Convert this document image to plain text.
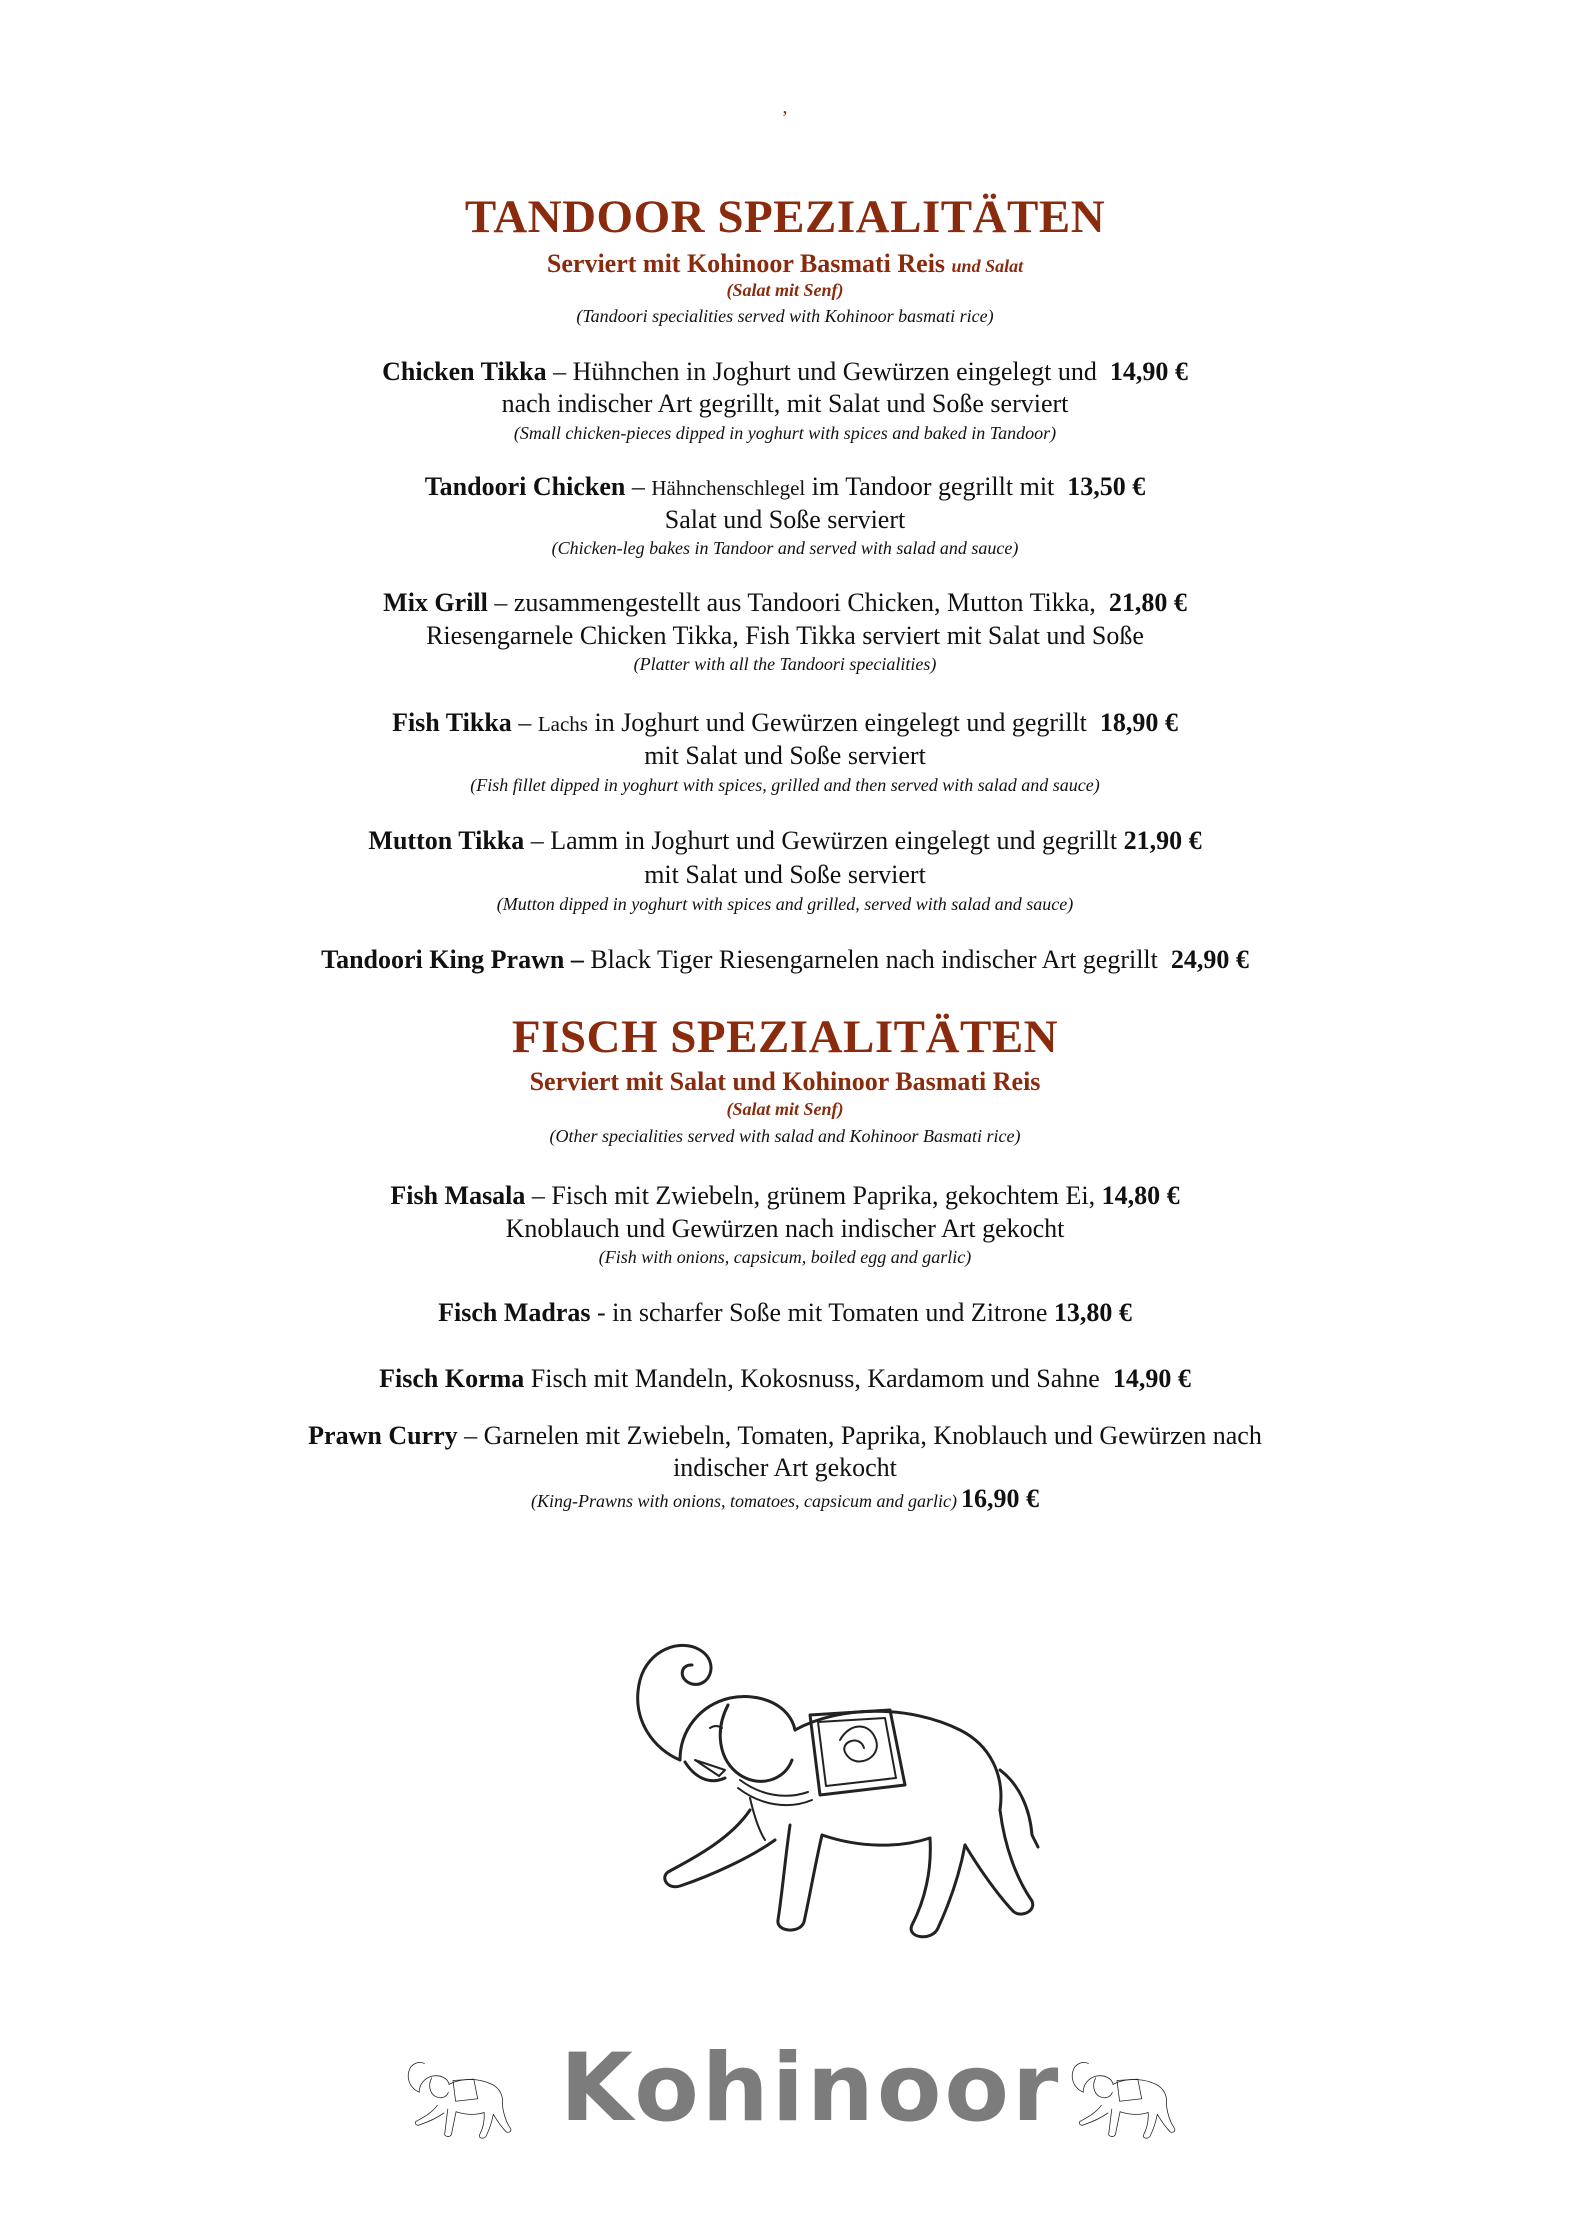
,
TANDOOR SPEZIALITÄTEN
Serviert mit Kohinoor Basmati Reis und Salat
(Salat mit Senf)
(Tandoori specialities served with Kohinoor basmati rice)
Chicken Tikka – Hühnchen in Joghurt und Gewürzen eingelegt und 14,90 €
nach indischer Art gegrillt, mit Salat und Soße serviert
(Small chicken-pieces dipped in yoghurt with spices and baked in Tandoor)
Tandoori Chicken – Hähnchenschlegel im Tandoor gegrillt mit 13,50 €
Salat und Soße serviert
(Chicken-leg bakes in Tandoor and served with salad and sauce)
Mix Grill – zusammengestellt aus Tandoori Chicken, Mutton Tikka, 21,80 €
Riesengarnele Chicken Tikka, Fish Tikka serviert mit Salat und Soße
(Platter with all the Tandoori specialities)
Fish Tikka – Lachs in Joghurt und Gewürzen eingelegt und gegrillt 18,90 €
mit Salat und Soße serviert
(Fish fillet dipped in yoghurt with spices, grilled and then served with salad and sauce)
Mutton Tikka – Lamm in Joghurt und Gewürzen eingelegt und gegrillt 21,90 €
mit Salat und Soße serviert
(Mutton dipped in yoghurt with spices and grilled, served with salad and sauce)
Tandoori King Prawn – Black Tiger Riesengarnelen nach indischer Art gegrillt 24,90 €
FISCH SPEZIALITÄTEN
Serviert mit Salat und Kohinoor Basmati Reis
(Salat mit Senf)
(Other specialities served with salad and Kohinoor Basmati rice)
Fish Masala – Fisch mit Zwiebeln, grünem Paprika, gekochtem Ei, 14,80 €
Knoblauch und Gewürzen nach indischer Art gekocht
(Fish with onions, capsicum, boiled egg and garlic)
Fisch Madras - in scharfer Soße mit Tomaten und Zitrone 13,80 €
Fisch Korma Fisch mit Mandeln, Kokosnuss, Kardamom und Sahne 14,90 €
Prawn Curry – Garnelen mit Zwiebeln, Tomaten, Paprika, Knoblauch und Gewürzen nach
indischer Art gekocht
(King-Prawns with onions, tomatoes, capsicum and garlic) 16,90 €
Kohinoor
